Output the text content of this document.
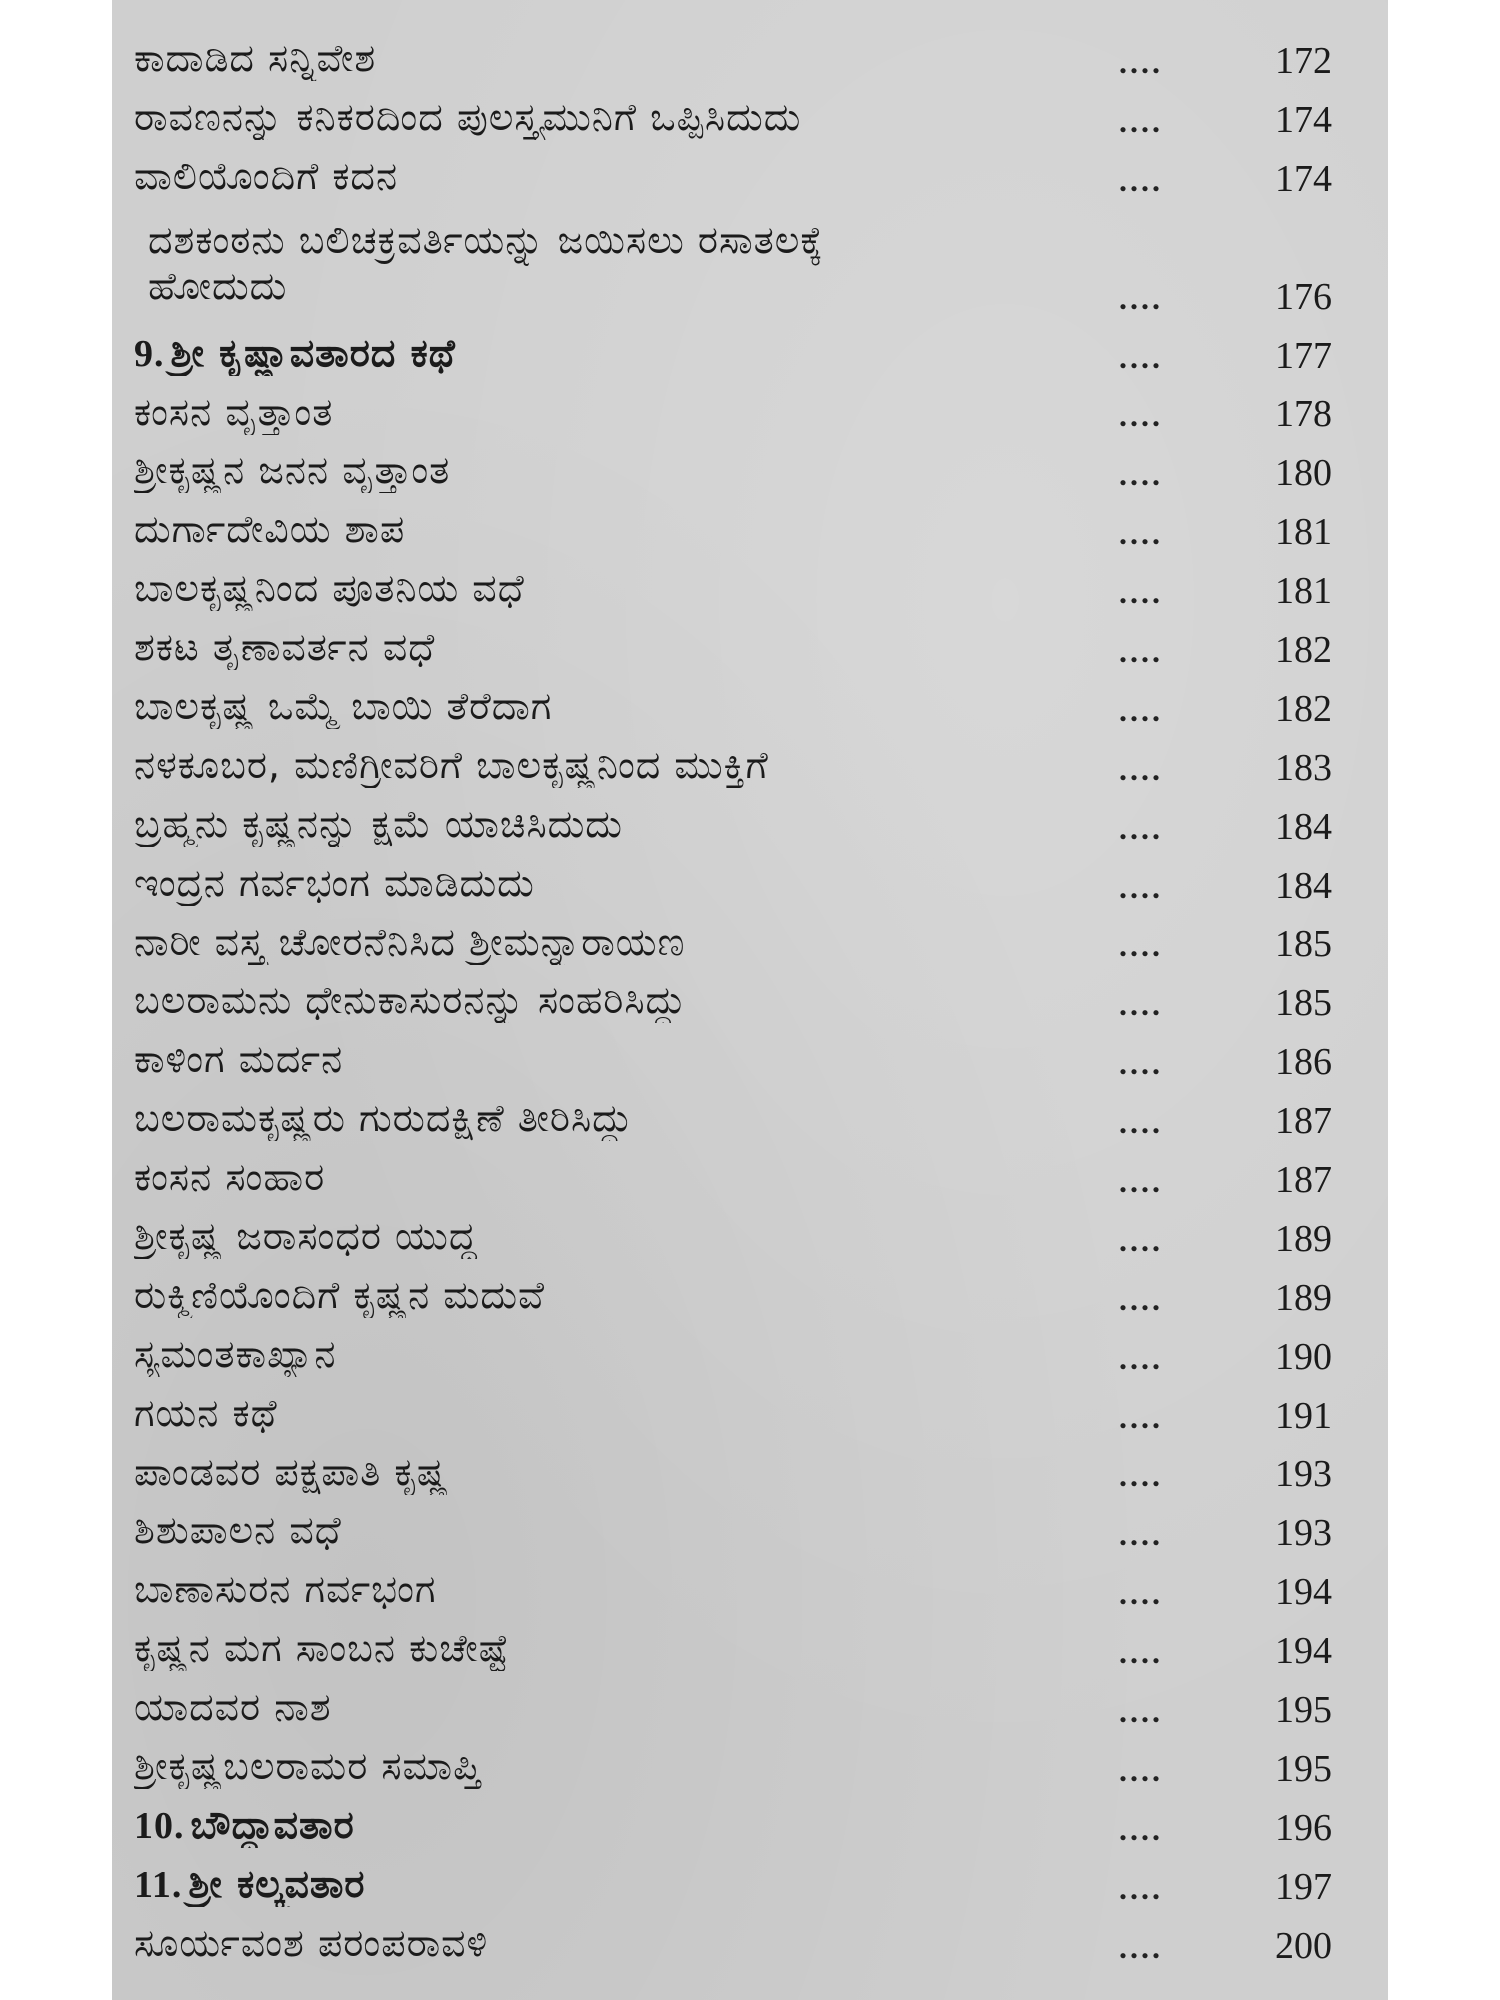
ಕಾದಾಡಿದ ಸನ್ನಿವೇಶ	....	172
ರಾವಣನನ್ನು ಕನಿಕರದಿಂದ ಪುಲಸ್ತ್ಯಮುನಿಗೆ ಒಪ್ಪಿಸಿದುದು	....	174
ವಾಲಿಯೊಂದಿಗೆ ಕದನ	....	174
ದಶಕಂಠನು ಬಲಿಚಕ್ರವರ್ತಿಯನ್ನು ಜಯಿಸಲು ರಸಾತಲಕ್ಕೆ ಹೋದುದು	....	176
9. ಶ್ರೀ ಕೃಷ್ಣಾವತಾರದ ಕಥೆ	....	177
ಕಂಸನ ವೃತ್ತಾಂತ	....	178
ಶ್ರೀಕೃಷ್ಣನ ಜನನ ವೃತ್ತಾಂತ	....	180
ದುರ್ಗಾದೇವಿಯ ಶಾಪ	....	181
ಬಾಲಕೃಷ್ಣನಿಂದ ಪೂತನಿಯ ವಧೆ	....	181
ಶಕಟ ತೃಣಾವರ್ತನ ವಧೆ	....	182
ಬಾಲಕೃಷ್ಣ ಒಮ್ಮೆ ಬಾಯಿ ತೆರೆದಾಗ	....	182
ನಳಕೂಬರ, ಮಣಿಗ್ರೀವರಿಗೆ ಬಾಲಕೃಷ್ಣನಿಂದ ಮುಕ್ತಿಗೆ	....	183
ಬ್ರಹ್ಮನು ಕೃಷ್ಣನನ್ನು ಕ್ಷಮೆ ಯಾಚಿಸಿದುದು	....	184
ಇಂದ್ರನ ಗರ್ವಭಂಗ ಮಾಡಿದುದು	....	184
ನಾರೀ ವಸ್ತ್ರ ಚೋರನೆನಿಸಿದ ಶ್ರೀಮನ್ನಾರಾಯಣ	....	185
ಬಲರಾಮನು ಧೇನುಕಾಸುರನನ್ನು ಸಂಹರಿಸಿದ್ದು	....	185
ಕಾಳಿಂಗ ಮರ್ದನ	....	186
ಬಲರಾಮಕೃಷ್ಣರು ಗುರುದಕ್ಷಿಣೆ ತೀರಿಸಿದ್ದು	....	187
ಕಂಸನ ಸಂಹಾರ	....	187
ಶ್ರೀಕೃಷ್ಣ ಜರಾಸಂಧರ ಯುದ್ಧ	....	189
ರುಕ್ಮಿಣಿಯೊಂದಿಗೆ ಕೃಷ್ಣನ ಮದುವೆ	....	189
ಸ್ಯಮಂತಕಾಖ್ಯಾನ	....	190
ಗಯನ ಕಥೆ	....	191
ಪಾಂಡವರ ಪಕ್ಷಪಾತಿ ಕೃಷ್ಣ	....	193
ಶಿಶುಪಾಲನ ವಧೆ	....	193
ಬಾಣಾಸುರನ ಗರ್ವಭಂಗ	....	194
ಕೃಷ್ಣನ ಮಗ ಸಾಂಬನ ಕುಚೇಷ್ಟೆ	....	194
ಯಾದವರ ನಾಶ	....	195
ಶ್ರೀಕೃಷ್ಣಬಲರಾಮರ ಸಮಾಪ್ತಿ	....	195
10. ಬೌದ್ಧಾವತಾರ	....	196
11. ಶ್ರೀ ಕಲ್ಕ್ಯವತಾರ	....	197
ಸೂರ್ಯವಂಶ ಪರಂಪರಾವಳಿ	....	200
